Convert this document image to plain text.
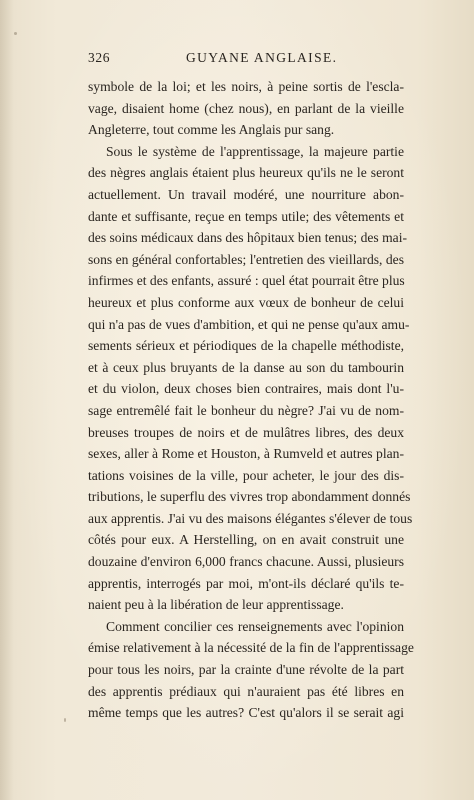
326	GUYANE ANGLAISE.
symbole de la loi; et les noirs, à peine sortis de l'escla-
vage, disaient home (chez nous), en parlant de la vieille
Angleterre, tout comme les Anglais pur sang.
Sous le système de l'apprentissage, la majeure partie
des nègres anglais étaient plus heureux qu'ils ne le seront
actuellement. Un travail modéré, une nourriture abon-
dante et suffisante, reçue en temps utile; des vêtements et
des soins médicaux dans des hôpitaux bien tenus; des mai-
sons en général confortables; l'entretien des vieillards, des
infirmes et des enfants, assuré : quel état pourrait être plus
heureux et plus conforme aux vœux de bonheur de celui
qui n'a pas de vues d'ambition, et qui ne pense qu'aux amu-
sements sérieux et périodiques de la chapelle méthodiste,
et à ceux plus bruyants de la danse au son du tambourin
et du violon, deux choses bien contraires, mais dont l'u-
sage entremêlé fait le bonheur du nègre? J'ai vu de nom-
breuses troupes de noirs et de mulâtres libres, des deux
sexes, aller à Rome et Houston, à Rumveld et autres plan-
tations voisines de la ville, pour acheter, le jour des dis-
tributions, le superflu des vivres trop abondamment donnés
aux apprentis. J'ai vu des maisons élégantes s'élever de tous
côtés pour eux. A Herstelling, on en avait construit une
douzaine d'environ 6,000 francs chacune. Aussi, plusieurs
apprentis, interrogés par moi, m'ont-ils déclaré qu'ils te-
naient peu à la libération de leur apprentissage.
Comment concilier ces renseignements avec l'opinion
émise relativement à la nécessité de la fin de l'apprentissage
pour tous les noirs, par la crainte d'une révolte de la part
des apprentis prédiaux qui n'auraient pas été libres en
même temps que les autres? C'est qu'alors il se serait agi
